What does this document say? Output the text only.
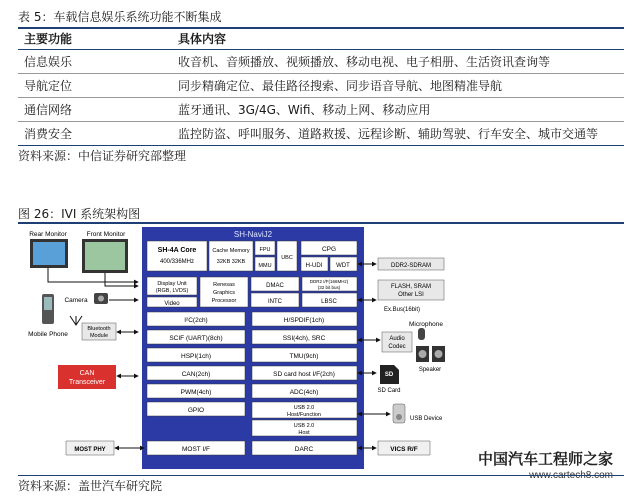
表 5：车载信息娱乐系统功能不断集成
主要功能	具体内容
信息娱乐	收音机、音频播放、视频播放、移动电视、电子相册、生活资讯查询等
导航定位	同步精确定位、最佳路径搜索、同步语音导航、地图精准导航
通信网络	蓝牙通讯、3G/4G、Wifi、移动上网、移动应用
消费安全	监控防盗、呼叫服务、道路救援、远程诊断、辅助驾驶、行车安全、城市交通等
资料来源：中信证券研究部整理
图 26：IVI 系统架构图
SH-NaviJ2
SH-4A Core
400/336MHz
Cache Memory
32KB 32KB
FPU
MMU
UBC
CPG
H-UDI WDT
Display Unit
(RGB, LVDS)
Video
Renesas
Graphics
Processor
DMAC
INTC
DDR2 I/F(166MHz)
(32 bit bus)
LBSC
I²C(2ch)
SCIF (UART)(8ch)
HSPI(1ch)
CAN(2ch)
PWM(4ch)
GPIO
H/SPDIF(1ch)
SSI(4ch), SRC
TMU(9ch)
SD card host I/F(2ch)
ADC(4ch)
USB 2.0
Host/Function
USB 2.0
Host
MOST I/F	DARC
Rear Monitor	Front Monitor
Camera
Mobile Phone
Bluetooth
Module
CAN
Transceiver
MOST PHY
DDR2-SDRAM
FLASH, SRAM
Other LSI
Ex.Bus(16bit)
Microphone
Audio
Codec
Speaker
SD
SD Card
USB Device
VICS R/F
中国汽车工程师之家
资料来源：盖世汽车研究院
